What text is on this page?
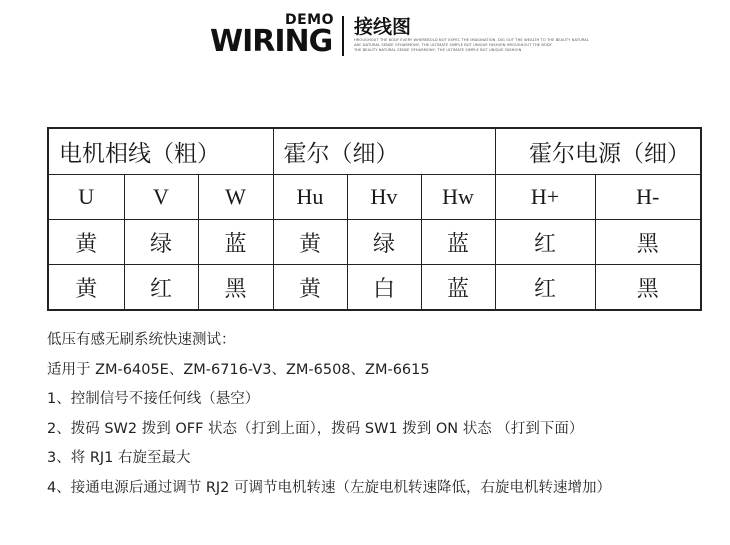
DEMO
WIRING 接线图
HROUGHOUT THE BODY EVERY WHEREBOLD NOT EXPEC THE IMAGINATION, DIG OUT THE WEALTH TO THE BEAUTY NATURAL
ABC NATURAL SENSE OFHARMONY, THE ULTIMATE SIMPLE BUT UNIQUE FASHION HROUGHOUT THE BODY
THE BEAUTY NATURAL SENSE OFHARMONY, THE ULTIMATE SIMPLE BUT UNIQUE FASHION
电机相线（粗）			霍尔（细）			霍尔电源（细）	
U	V	W	Hu	Hv	Hw	H+	H-
黄	绿	蓝	黄	绿	蓝	红	黑
黄	红	黑	黄	白	蓝	红	黑
低压有感无刷系统快速测试：
适用于 ZM-6405E、ZM-6716-V3、ZM-6508、ZM-6615
1、控制信号不接任何线（悬空）
2、拨码 SW2 拨到 OFF 状态（打到上面），拨码 SW1 拨到 ON 状态 （打到下面）
3、将 RJ1 右旋至最大
4、接通电源后通过调节 RJ2 可调节电机转速（左旋电机转速降低，右旋电机转速增加）
